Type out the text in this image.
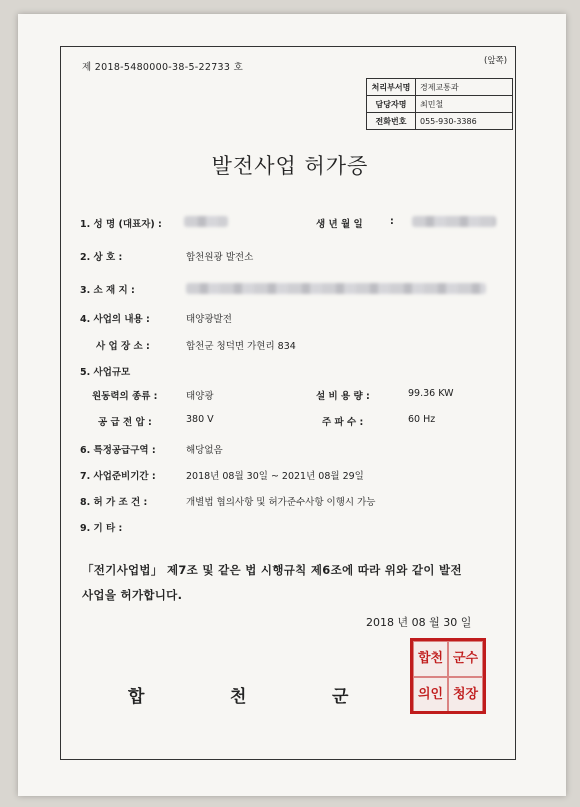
제 2018-5480000-38-5-22733 호
(앞쪽)
처리부서명	경제교통과
담당자명	최민철
전화번호	055-930-3386
발전사업 허가증
1. 성 명 (대표자) :	생 년 월 일	:
2. 상 호 :	합천원광 발전소
3. 소 재 지 :
4. 사업의 내용 :	태양광발전
사 업 장 소 :	합천군 청덕면 가현리 834
5. 사업규모
원동력의 종류 :	태양광	설 비 용 량 :	99.36 KW
공 급 전 압 :	380 V	주 파 수 :	60 Hz
6. 특정공급구역 :	해당없음
7. 사업준비기간 :	2018년 08월 30일 ~ 2021년 08월 29일
8. 허 가 조 건 :	개별법 협의사항 및 허가준수사항 이행시 가능
9. 기 타 :
「전기사업법」 제7조 및 같은 법 시행규칙 제6조에 따라 위와 같이 발전
사업을 허가합니다.
2018 년 08 월 30 일
합	천	군
합천 군수
의인 청장
